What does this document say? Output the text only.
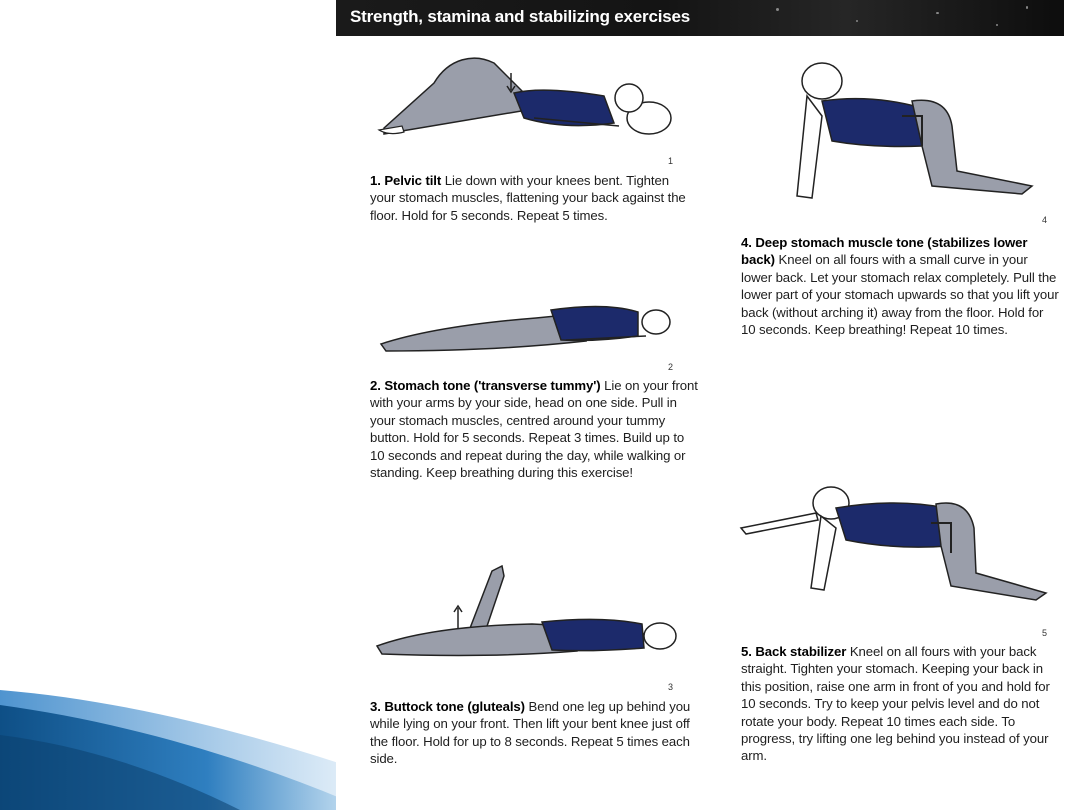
Strength, stamina and stabilizing exercises
1
1. Pelvic tilt Lie down with your knees bent. Tighten your stomach muscles, flattening your back against the floor. Hold for 5 seconds. Repeat 5 times.
2
2. Stomach tone ('transverse tummy') Lie on your front with your arms by your side, head on one side. Pull in your stomach muscles, centred around your tummy button. Hold for 5 seconds. Repeat 3 times. Build up to 10 seconds and repeat during the day, while walking or standing. Keep breathing during this exercise!
3
3. Buttock tone (gluteals) Bend one leg up behind you while lying on your front. Then lift your bent knee just off the floor. Hold for up to 8 seconds. Repeat 5 times each side.
4
4. Deep stomach muscle tone (stabilizes lower back) Kneel on all fours with a small curve in your lower back. Let your stomach relax completely. Pull the lower part of your stomach upwards so that you lift your back (without arching it) away from the floor. Hold for 10 seconds. Keep breathing! Repeat 10 times.
5
5. Back stabilizer Kneel on all fours with your back straight. Tighten your stomach. Keeping your back in this position, raise one arm in front of you and hold for 10 seconds. Try to keep your pelvis level and do not rotate your body. Repeat 10 times each side. To progress, try lifting one leg behind you instead of your arm.
